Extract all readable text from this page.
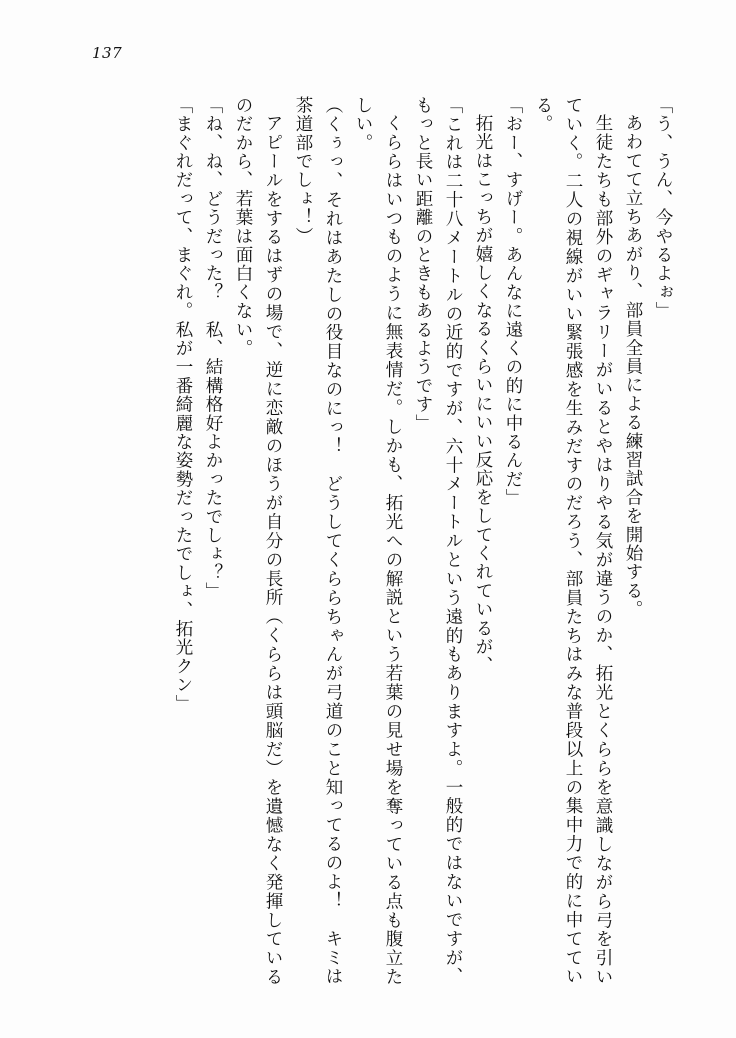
137

「う、うん、今やるよぉ」

あわてて立ちあがり、部員全員による練習試合を開始する。

生徒たちも部外のギャラリーがいるとやはりやる気が違うのか、拓光とくららを意識しながら弓を引いていく。二人の視線がいい緊張感を生みだすのだろう、部員たちはみな普段以上の集中力で的に中てている。

「おー、すげー。あんなに遠くの的に中るんだ」

拓光はこっちが嬉しくなるくらいにいい反応をしてくれているが、

「これは二十八メートルの近的ですが、六十メートルという遠的もありますよ。一般的ではないですが、もっと長い距離のときもあるようです」

くららはいつものように無表情だ。しかも、拓光への解説という若葉の見せ場を奪っている点も腹立たしい。

（くぅっ、それはあたしの役目なのにっ！　どうしてくららちゃんが弓道のこと知ってるのよ！　キミは茶道部でしょ！）

アピールをするはずの場で、逆に恋敵のほうが自分の長所（くららは頭脳だ）を遺憾なく発揮しているのだから、若葉は面白くない。

「ね、ね、どうだった？　私、結構格好よかったでしょ？」

「まぐれだって、まぐれ。私が一番綺麗な姿勢だったでしょ、拓光クン」
